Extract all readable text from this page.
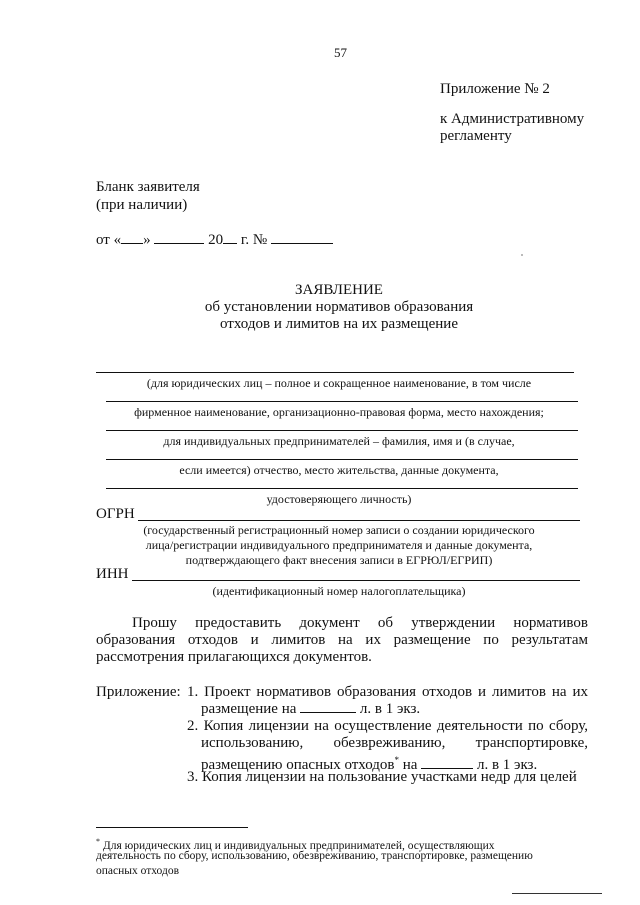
57
Приложение № 2
к Административному
регламенту
Бланк заявителя
(при наличии)
от « »	20 г. №
ЗАЯВЛЕНИЕ
об установлении нормативов образования
отходов и лимитов на их размещение
(для юридических лиц – полное и сокращенное наименование, в том числе
фирменное наименование, организационно-правовая форма, место нахождения;
для индивидуальных предпринимателей – фамилия, имя и (в случае,
если имеется) отчество, место жительства, данные документа,
удостоверяющего личность)
ОГРН
(государственный регистрационный номер записи о создании юридического
лица/регистрации индивидуального предпринимателя и данные документа,
подтверждающего факт внесения записи в ЕГРЮЛ/ЕГРИП)
ИНН
(идентификационный номер налогоплательщика)
Прошу предоставить документ об утверждении нормативов
образования отходов и лимитов на их размещение по результатам
рассмотрения прилагающихся документов.
Приложение: 1. Проект нормативов образования отходов и лимитов на их
размещение на	л. в 1 экз.
2. Копия лицензии на осуществление деятельности по сбору,
использованию, обезвреживанию, транспортировке,
размещению опасных отходов* на	л. в 1 экз.
3. Копия лицензии на пользование участками недр для целей
* Для юридических лиц и индивидуальных предпринимателей, осуществляющих
деятельность по сбору, использованию, обезвреживанию, транспортировке, размещению
опасных отходов
